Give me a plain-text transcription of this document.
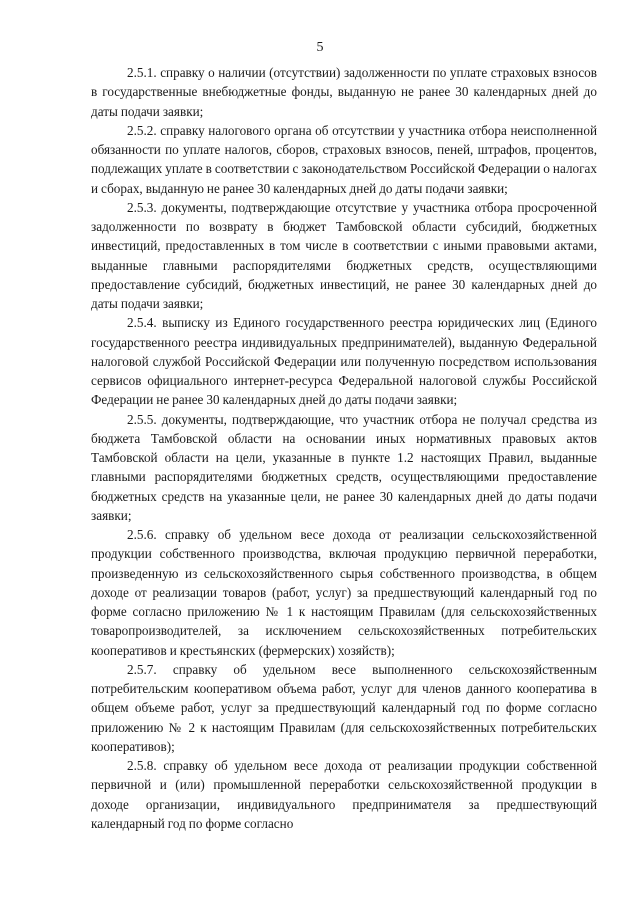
5

2.5.1. справку о наличии (отсутствии) задолженности по уплате страховых взносов в государственные внебюджетные фонды, выданную не ранее 30 календарных дней до даты подачи заявки;

2.5.2. справку налогового органа об отсутствии у участника отбора неисполненной обязанности по уплате налогов, сборов, страховых взносов, пеней, штрафов, процентов, подлежащих уплате в соответствии с законодательством Российской Федерации о налогах и сборах, выданную не ранее 30 календарных дней до даты подачи заявки;

2.5.3. документы, подтверждающие отсутствие у участника отбора просроченной задолженности по возврату в бюджет Тамбовской области субсидий, бюджетных инвестиций, предоставленных в том числе в соответствии с иными правовыми актами, выданные главными распорядителями бюджетных средств, осуществляющими предоставление субсидий, бюджетных инвестиций, не ранее 30 календарных дней до даты подачи заявки;

2.5.4. выписку из Единого государственного реестра юридических лиц (Единого государственного реестра индивидуальных предпринимателей), выданную Федеральной налоговой службой Российской Федерации или полученную посредством использования сервисов официального интернет-ресурса Федеральной налоговой службы Российской Федерации не ранее 30 календарных дней до даты подачи заявки;

2.5.5. документы, подтверждающие, что участник отбора не получал средства из бюджета Тамбовской области на основании иных нормативных правовых актов Тамбовской области на цели, указанные в пункте 1.2 настоящих Правил, выданные главными распорядителями бюджетных средств, осуществляющими предоставление бюджетных средств на указанные цели, не ранее 30 календарных дней до даты подачи заявки;

2.5.6. справку об удельном весе дохода от реализации сельскохозяйственной продукции собственного производства, включая продукцию первичной переработки, произведенную из сельскохозяйственного сырья собственного производства, в общем доходе от реализации товаров (работ, услуг) за предшествующий календарный год по форме согласно приложению № 1 к настоящим Правилам (для сельскохозяйственных товаропроизводителей, за исключением сельскохозяйственных потребительских кооперативов и крестьянских (фермерских) хозяйств);

2.5.7. справку об удельном весе выполненного сельскохозяйственным потребительским кооперативом объема работ, услуг для членов данного кооператива в общем объеме работ, услуг за предшествующий календарный год по форме согласно приложению № 2 к настоящим Правилам (для сельскохозяйственных потребительских кооперативов);

2.5.8. справку об удельном весе дохода от реализации продукции собственной первичной и (или) промышленной переработки сельскохозяйственной продукции в доходе организации, индивидуального предпринимателя за предшествующий календарный год по форме согласно
